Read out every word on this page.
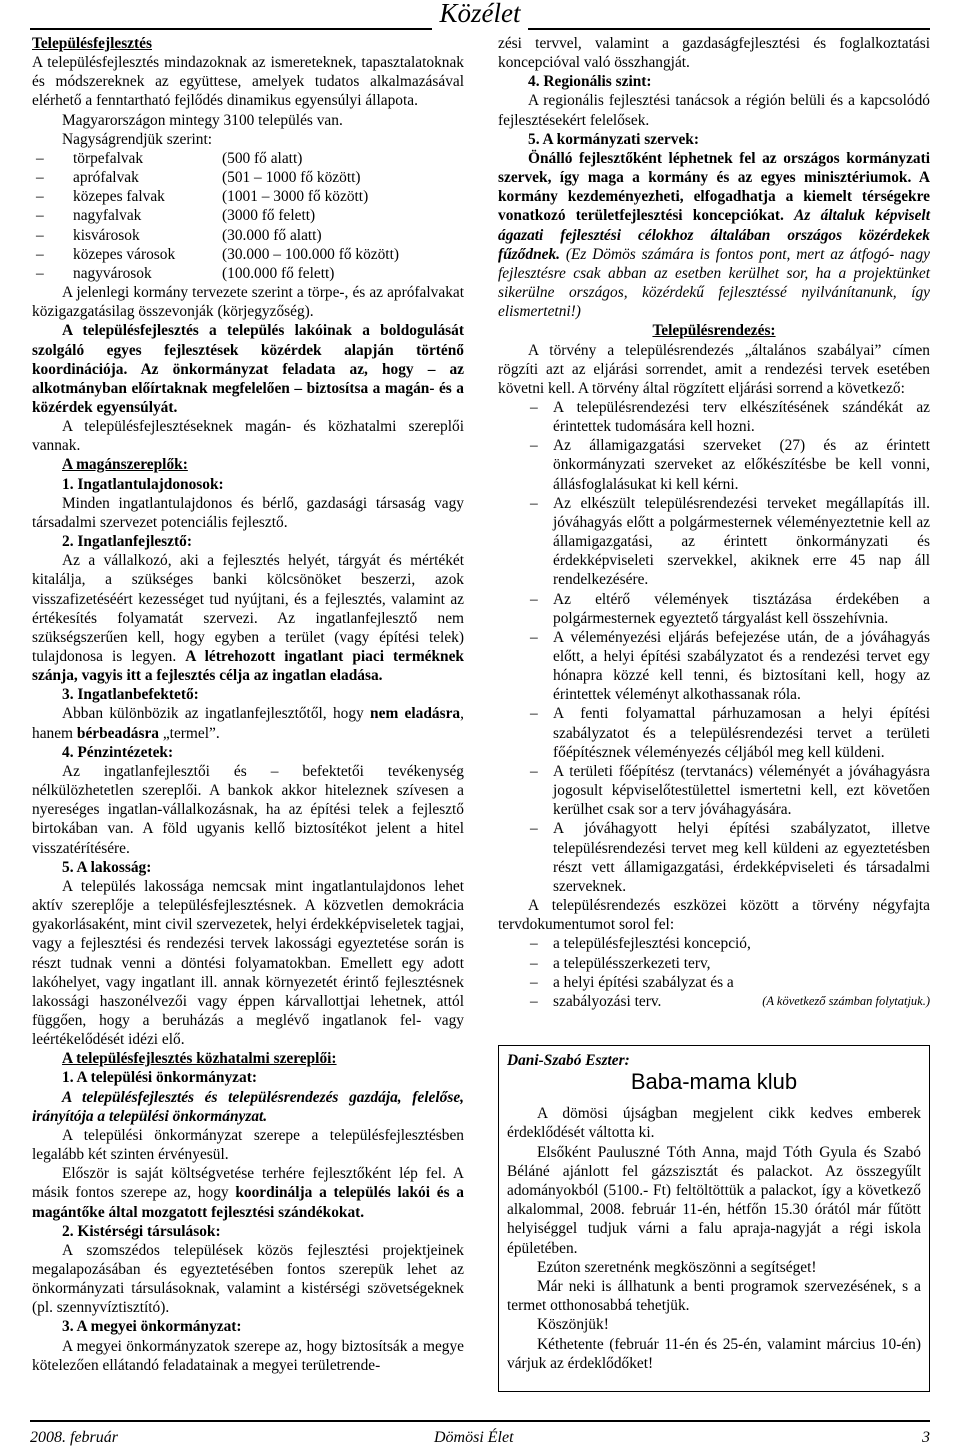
Közélet

Településfejlesztés

A településfejlesztés mindazoknak az ismereteknek, tapasztalatoknak és módszereknek az együttese, amelyek tudatos alkalmazásával elérhető a fenntartható fejlődés dinamikus egyensúlyi állapota.

Magyarországon mintegy 3100 település van.

Nagyságrendjük szerint:

–	törpefalvak	(500 fő alatt)
–	aprófalvak	(501 – 1000 fő között)
–	közepes falvak	(1001 – 3000 fő között)
–	nagyfalvak	(3000 fő felett)
–	kisvárosok	(30.000 fő alatt)
–	közepes városok	(30.000 – 100.000 fő között)
–	nagyvárosok	(100.000 fő felett)

A jelenlegi kormány tervezete szerint a törpe-, és az aprófalvakat közigazgatásilag összevonják (körjegyzőség).

A településfejlesztés a település lakóinak a boldogulását szolgáló egyes fejlesztések közérdek alapján történő koordinációja. Az önkormányzat feladata az, hogy – az alkotmányban előírtaknak megfelelően – biztosítsa a magán- és a közérdek egyensúlyát.

A településfejlesztéseknek magán- és közhatalmi szereplői vannak.

A magánszereplők:

1. Ingatlantulajdonosok:

Minden ingatlantulajdonos és bérlő, gazdasági társaság vagy társadalmi szervezet potenciális fejlesztő.

2. Ingatlanfejlesztő:

Az a vállalkozó, aki a fejlesztés helyét, tárgyát és mértékét kitalálja, a szükséges banki kölcsönöket beszerzi, azok visszafizetéséért kezességet tud nyújtani, és a fejlesztés, valamint az értékesítés folyamatát szervezi. Az ingatlanfejlesztő nem szükségszerűen kell, hogy egyben a terület (vagy építési telek) tulajdonosa is legyen. A létrehozott ingatlant piaci terméknek szánja, vagyis itt a fejlesztés célja az ingatlan eladása.

3. Ingatlanbefektető:

Abban különbözik az ingatlanfejlesztőtől, hogy nem eladásra, hanem bérbeadásra „termel”.

4. Pénzintézetek:

Az ingatlanfejlesztői és – befektetői tevékenység nélkülözhetetlen szereplői. A bankok akkor hiteleznek szívesen a nyereséges ingatlan-vállalkozásnak, ha az építési telek a fejlesztő birtokában van. A föld ugyanis kellő biztosítékot jelent a hitel visszatérítésére.

5. A lakosság:

A település lakossága nemcsak mint ingatlantulajdonos lehet aktív szereplője a településfejlesztésnek. A közvetlen demokrácia gyakorlásaként, mint civil szervezetek, helyi érdekképviseletek tagjai, vagy a fejlesztési és rendezési tervek lakossági egyeztetése során is részt tudnak venni a döntési folyamatokban. Emellett egy adott lakóhelyet, vagy ingatlant ill. annak környezetét érintő fejlesztésnek lakossági haszonélvezői vagy éppen kárvallottjai lehetnek, attól függően, hogy a beruházás a meglévő ingatlanok fel- vagy leértékelődését idézi elő.

A településfejlesztés közhatalmi szereplői:

1. A települési önkormányzat:

A településfejlesztés és településrendezés gazdája, felelőse, irányítója a települési önkormányzat.

A települési önkormányzat szerepe a településfejlesztésben legalább két szinten érvényesül.

Először is saját költségvetése terhére fejlesztőként lép fel. A másik fontos szerepe az, hogy koordinálja a település lakói és a magántőke által mozgatott fejlesztési szándékokat.

2. Kistérségi társulások:

A szomszédos települések közös fejlesztési projektjeinek megalapozásában és egyeztetésében fontos szerepük lehet az önkormányzati társulásoknak, valamint a kistérségi szövetségeknek (pl. szennyvíztisztító).

3. A megyei önkormányzat:

A megyei önkormányzatok szerepe az, hogy biztosítsák a megye kötelezően ellátandó feladatainak a megyei területrende-

zési tervvel, valamint a gazdaságfejlesztési és foglalkoztatási koncepcióval való összhangját.

4. Regionális szint:

A regionális fejlesztési tanácsok a régión belüli és a kapcsolódó fejlesztésekért felelősek.

5. A kormányzati szervek:

Önálló fejlesztőként léphetnek fel az országos kormányzati szervek, így maga a kormány és az egyes minisztériumok. A kormány kezdeményezheti, elfogadhatja a kiemelt térségekre vonatkozó területfejlesztési koncepciókat. Az általuk képviselt ágazati fejlesztési célokhoz általában országos közérdekek fűződnek. (Ez Dömös számára is fontos pont, mert az átfogó- nagy fejlesztésre csak abban az esetben kerülhet sor, ha a projektünket sikerülne országos, közérdekű fejlesztéssé nyilvánítanunk, így elismertetni!)

Településrendezés:

A törvény a településrendezés „általános szabályai” címen rögzíti azt az eljárási sorrendet, amit a rendezési tervek esetében követni kell. A törvény által rögzített eljárási sorrend a következő:

– A településrendezési terv elkészítésének szándékát az érintettek tudomására kell hozni.

– Az államigazgatási szerveket (27) és az érintett önkormányzati szerveket az előkészítésbe be kell vonni, állásfoglalásukat ki kell kérni.

– Az elkészült településrendezési terveket megállapítás ill. jóváhagyás előtt a polgármesternek véleményeztetnie kell az államigazgatási, az érintett önkormányzati és érdekképviseleti szervekkel, akiknek erre 45 nap áll rendelkezésére.

– Az eltérő vélemények tisztázása érdekében a polgármesternek egyeztető tárgyalást kell összehívnia.

– A véleményezési eljárás befejezése után, de a jóváhagyás előtt, a helyi építési szabályzatot és a rendezési tervet egy hónapra közzé kell tenni, és biztosítani kell, hogy az érintettek véleményt alkothassanak róla.

– A fenti folyamattal párhuzamosan a helyi építési szabályzatot és a településrendezési tervet a területi főépítésznek véleményezés céljából meg kell küldeni.

– A területi főépítész (tervtanács) véleményét a jóváhagyásra jogosult képviselőtestülettel ismertetni kell, ezt követően kerülhet csak sor a terv jóváhagyására.

– A jóváhagyott helyi építési szabályzatot, illetve településrendezési tervet meg kell küldeni az egyeztetésben részt vett államigazgatási, érdekképviseleti és társadalmi szerveknek.

A településrendezés eszközei között a törvény négyfajta tervdokumentumot sorol fel:

– a településfejlesztési koncepció,

– a településszerkezeti terv,

– a helyi építési szabályzat és a

– szabályozási terv.	(A következő számban folytatjuk.)

Dani-Szabó Eszter:

Baba-mama klub

A dömösi újságban megjelent cikk kedves emberek érdeklődését váltotta ki.

Elsőként Pauluszné Tóth Anna, majd Tóth Gyula és Szabó Béláné ajánlott fel gázszisztát és palackot. Az összegyűlt adományokból (5100.- Ft) feltöltöttük a palackot, így a következő alkalommal, 2008. február 11-én, hétfőn 15.30 órától már fűtött helyiséggel tudjuk várni a falu apraja-nagyját a régi iskola épületében.

Ezúton szeretnénk megköszönni a segítséget!

Már neki is állhatunk a benti programok szervezésének, s a termet otthonosabbá tehetjük.

Köszönjük!

Kéthetente (február 11-én és 25-én, valamint március 10-én) várjuk az érdeklődőket!

2008. február	Dömösi Élet	3
